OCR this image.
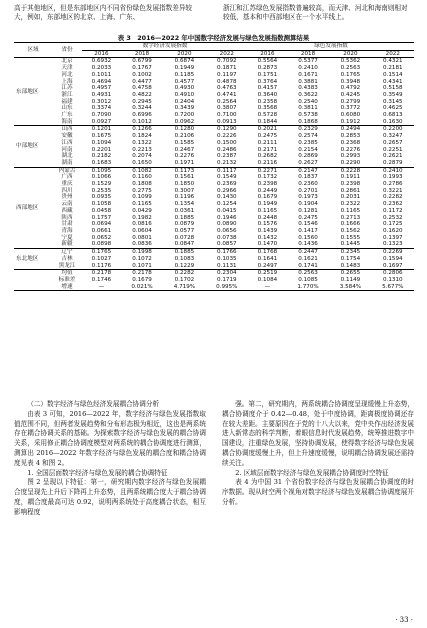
高于其他地区，但是东部地区内不同省份绿色发展指数差异较大，例如，东部地区的北京、上海、广东、
浙江和江苏绿色发展指数普遍较高，而天津、河北和海南则相对较低，基本和中西部地区在一个水平线上。
表 3　2016—2022 年中国数字经济发展与绿色发展指数测算结果
区域	省份	数字经济发展指数				绿色发展指数			
		2016	2018	2020	2022	2016	2018	2020	2022
东部地区	北京	0.6932	0.6799	0.6874	0.7092	0.5564	0.5377	0.5362	0.4321
	天津	0.2033	0.1767	0.1949	0.1871	0.2873	0.2410	0.2563	0.2181
	河北	0.1011	0.1002	0.1185	0.1197	0.1751	0.1671	0.1765	0.1514
	上海	0.4694	0.4477	0.4577	0.4878	0.3764	0.3881	0.3948	0.4341
	江苏	0.4957	0.4758	0.4930	0.4763	0.4157	0.4383	0.4792	0.5158
	浙江	0.4931	0.4822	0.4910	0.4741	0.3640	0.3622	0.4245	0.3549
	福建	0.3012	0.2945	0.2404	0.2564	0.2358	0.2540	0.2799	0.3145
	山东	0.3374	0.3244	0.3439	0.3807	0.3568	0.3811	0.3772	0.4625
	广东	0.7090	0.6996	0.7200	0.7100	0.5728	0.5738	0.6080	0.6813
	海南	0.0927	0.1012	0.0962	0.0913	0.1844	0.1868	0.1912	0.1630
中部地区	山西	0.1201	0.1266	0.1280	0.1290	0.2021	0.2329	0.2494	0.2200
	安徽	0.1675	0.1824	0.2106	0.2226	0.2475	0.2574	0.2853	0.3247
	江西	0.1094	0.1322	0.1585	0.1500	0.2111	0.2385	0.2368	0.2657
	河南	0.2201	0.2213	0.2467	0.2486	0.2171	0.2154	0.2276	0.2251
	湖北	0.2182	0.2074	0.2276	0.2387	0.2682	0.2869	0.2993	0.2621
	湖南	0.1683	0.1650	0.1971	0.2132	0.2116	0.2627	0.2290	0.2879
西部地区	内蒙古	0.1095	0.1082	0.1173	0.1117	0.2271	0.2147	0.2228	0.2410
	广西	0.1066	0.1160	0.1561	0.1549	0.1732	0.1837	0.1911	0.1993
	重庆	0.1529	0.1808	0.1850	0.2369	0.2398	0.2360	0.2398	0.2786
	四川	0.2535	0.2775	0.3007	0.2966	0.2449	0.2701	0.2861	0.3221
	贵州	0.0935	0.1099	0.1196	0.1430	0.1679	0.1973	0.2031	0.2282
	云南	0.1058	0.1165	0.1354	0.1254	0.1949	0.1904	0.2322	0.2362
	西藏	0.0458	0.0429	0.0361	0.0415	0.1165	0.1281	0.1165	0.1172
	陕西	0.1757	0.1982	0.1885	0.1946	0.2448	0.2475	0.2713	0.2532
	甘肃	0.0694	0.0816	0.0879	0.0890	0.1576	0.1546	0.1666	0.1725
	青海	0.0661	0.0604	0.0577	0.0656	0.1439	0.1417	0.1562	0.1620
	宁夏	0.0652	0.0801	0.0728	0.0738	0.1432	0.1560	0.1555	0.1397
	新疆	0.0898	0.0836	0.0847	0.0857	0.1470	0.1436	0.1445	0.1323
东北地区	辽宁	0.1765	0.1998	0.1885	0.1766	0.1768	0.2447	0.2345	0.2269
	吉林	0.1027	0.1072	0.1083	0.1035	0.1641	0.1621	0.1754	0.1594
	黑龙江	0.1176	0.1071	0.1229	0.1131	0.2497	0.1741	0.1483	0.1697
	均值	0.2178	0.2178	0.2282	0.2304	0.2519	0.2563	0.2655	0.2806
	标准差	0.1746	0.1679	0.1702	0.1719	0.1084	0.1085	0.1149	0.1310
	增速	—	0.021%	4.719%	0.995%	—	1.770%	3.584%	5.677%

（二）数字经济与绿色经济发展耦合协调分析

由表 3 可知，2016—2022 年，数字经济与绿色发展指数取值范围不同，但两者发展趋势和分布形态极为相近，这也是两系统存在耦合协调关系的基础。为探索数字经济与绿色发展的耦合协调关系，采用修正耦合协调度模型对两系统的耦合协调度进行测算，测算出 2016—2022 年数字经济与绿色发展的耦合度和耦合协调度见表 4 和图 2。

1. 全国层面数字经济与绿色发展的耦合协调特征

图 2 呈现以下特征：第一，研究期内数字经济与绿色发展耦合度呈现先上升后下降再上升态势，且两系统耦合度大于耦合协调度，耦合度最高可达 0.92，说明两系统处于高度耦合状态，相互影响程度

强。第二，研究期内，两系统耦合协调度呈现缓慢上升态势，耦合协调度介于 0.42—0.48，处于中度协调，距离极度协调还存在较大差距。主要原因在于党的十八大以来，党中央作出经济发展进入新常态的科学判断，着眼信息时代发展趋势，统筹推进数字中国建设，注重绿色发展，坚持协调发展，使得数字经济与绿色发展耦合协调度缓慢上升，但上升速度缓慢，说明耦合协调发展还需持续关注。

2. 区域层面数字经济与绿色发展耦合协调度时空特征

表 4 为中国 31 个省份数字经济与绿色发展耦合协调度的时序数据。现从时空两个视角对数字经济与绿色发展耦合协调度展开分析。

· 33 ·
